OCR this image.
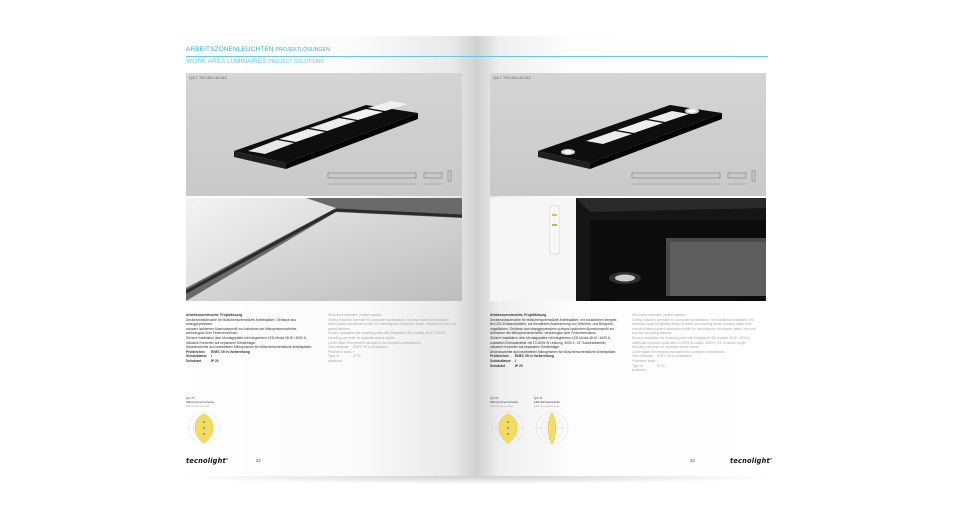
ARBEITSZONENLEUCHTEN PROJEKTLÖSUNGEN
WORK AREA LUMINAIRES PROJECT SOLUTIONS
QA 7.700.390.40.042
Arbeitszonenleuchte, Projektlösung
Deckenanbauleuchte für bildschirmunterstützte Arbeitsplätze, Gehäuse aus stranggepresstem
schwarz lackiertem Aluminiumprofil zur Aufnahme der Mikroprismenscheibe,
werkzeuglos über Federverschluss.
Sichere Installation über Montageplatte mit integriertem LED-Modul 48 W / 4000 K,
inklusive Konverter auf separatem Geräteträger.
Abdeckscheibe aus bearbeiteter Mikroprismen für bildschirmunterstützte Arbeitsplätze.
Prüfzeichen	ENEC 05 in Vorbereitung
Schutzklasse	I
Schutzart	IP 20
Work area luminaire, project solution
Ceiling mounted luminaire for computer workstations, housing made from extruded
black painted aluminium profile for mounting the microprism panel, removal tool free via
spring fastener.
Secure installation via mounting plate with integrated LED module 48 W / 4000 K,
including converter on separate device carrier.
Cover made from treated microprism for computer workstations.
Test certificate	ENEC 05 in preparation
Protection class I
Type of protection
IP 20
QA 70
Mikroprismenscheibe
Microprism panel
tecnolight®	22
QA 7.700.440.40.042
Arbeitszonenleuchte, Projektlösung
Deckenanbauleuchte für bildschirmunterstützte Arbeitsplätze, mit zusätzlichen integrier-
ten LED-Einbaustrahlern, zur blendfreien Ausleuchtung von Verkehrs- und Besprech-
ungsflächen. Gehäuse aus stranggepresstem schwarz lackiertem Aluminiumprofil zur
Aufnahme der Mikroprismenscheibe, werkzeuglos über Federverschluss.
Sichere Installation über Montageplatte mit integriertem LED-Modul 48 W / 4000 K,
zusätzlich Einbaustrahler mit 13 W/25 W Leistung, 3000 K, 24° Ausstrahlwinkel,
inklusive Konverter auf separatem Geräteträger.
Abdeckscheibe aus bearbeiteter Mikroprismen für bildschirmunterstützte Arbeitsplätze.
Prüfzeichen	ENEC 05 in Vorbereitung
Schutzklasse	I
Schutzart	IP 20
Work area luminaire, project solution
Ceiling mounted luminaire for computer workstations, with additional integrated LED
recessed spots for lighting design in traffic and meeting areas, housing made from
extruded black painted aluminium profile for mounting the microprism panel, removal
tool free via spring fastener.
Secure installation via mounting plate with integrated LED module 48 W / 4000 K,
additional recessed spots with 13 W/25 W output, 3000 K, 24° emission angle,
including converter on separate device carrier.
Cover made from treated microprism for computer workstations.
Test certificate	ENEC 05 in preparation
Protection class I
Type of protection
IP 20
QA 70
Mikroprismenscheibe
Microprism panel
QA 71
LED-Einbaustrahler
LED recessed spot
23	tecnolight®
